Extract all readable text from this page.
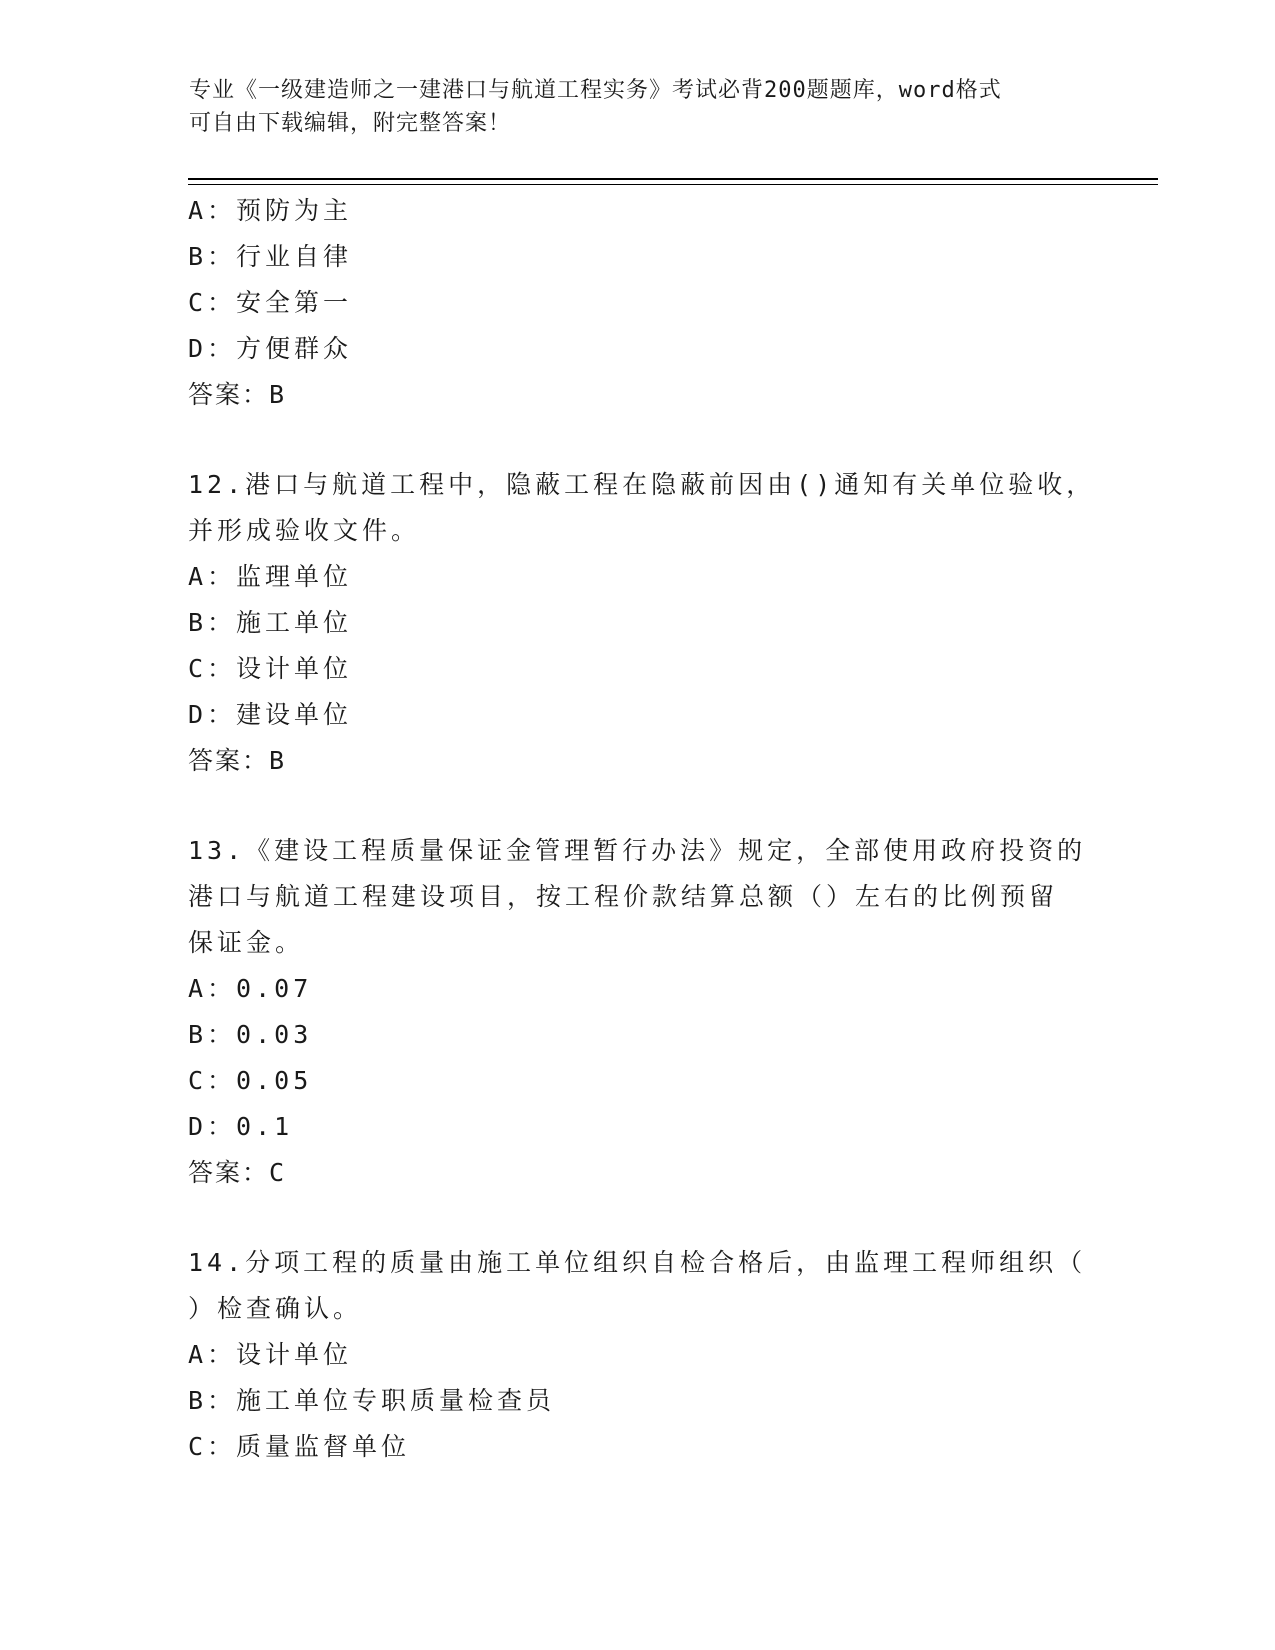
专业《一级建造师之一建港口与航道工程实务》考试必背200题题库，word格式
可自由下载编辑，附完整答案！
A：预防为主
B：行业自律
C：安全第一
D：方便群众
答案：B
12.港口与航道工程中，隐蔽工程在隐蔽前因由()通知有关单位验收，
并形成验收文件。
A：监理单位
B：施工单位
C：设计单位
D：建设单位
答案：B
13.《建设工程质量保证金管理暂行办法》规定，全部使用政府投资的
港口与航道工程建设项目，按工程价款结算总额（）左右的比例预留
保证金。
A：0.07
B：0.03
C：0.05
D：0.1
答案：C
14.分项工程的质量由施工单位组织自检合格后，由监理工程师组织（
）检查确认。
A：设计单位
B：施工单位专职质量检查员
C：质量监督单位
